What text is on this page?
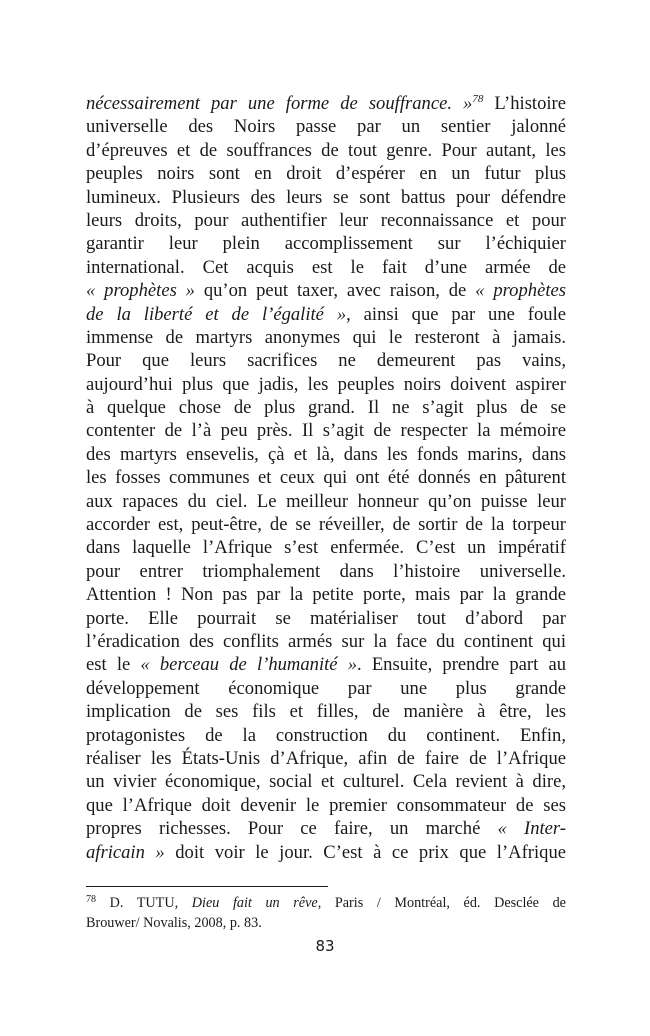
nécessairement par une forme de souffrance. »$^{78}$ L’histoire
universelle des Noirs passe par un sentier jalonné
d’épreuves et de souffrances de tout genre. Pour autant, les
peuples noirs sont en droit d’espérer en un futur plus
lumineux. Plusieurs des leurs se sont battus pour défendre
leurs droits, pour authentifier leur reconnaissance et pour
garantir leur plein accomplissement sur l’échiquier
international. Cet acquis est le fait d’une armée de
« prophètes » qu’on peut taxer, avec raison, de « prophètes
de la liberté et de l’égalité », ainsi que par une foule
immense de martyrs anonymes qui le resteront à jamais.
Pour que leurs sacrifices ne demeurent pas vains,
aujourd’hui plus que jadis, les peuples noirs doivent aspirer
à quelque chose de plus grand. Il ne s’agit plus de se
contenter de l’à peu près. Il s’agit de respecter la mémoire
des martyrs ensevelis, çà et là, dans les fonds marins, dans
les fosses communes et ceux qui ont été donnés en pâturent
aux rapaces du ciel. Le meilleur honneur qu’on puisse leur
accorder est, peut-être, de se réveiller, de sortir de la torpeur
dans laquelle l’Afrique s’est enfermée. C’est un impératif
pour entrer triomphalement dans l’histoire universelle.
Attention ! Non pas par la petite porte, mais par la grande
porte. Elle pourrait se matérialiser tout d’abord par
l’éradication des conflits armés sur la face du continent qui
est le « berceau de l’humanité ». Ensuite, prendre part au
développement économique par une plus grande
implication de ses fils et filles, de manière à être, les
protagonistes de la construction du continent. Enfin,
réaliser les États-Unis d’Afrique, afin de faire de l’Afrique
un vivier économique, social et culturel. Cela revient à dire,
que l’Afrique doit devenir le premier consommateur de ses
propres richesses. Pour ce faire, un marché « Inter-
africain » doit voir le jour. C’est à ce prix que l’Afrique
$^{78}$ D. TUTU, Dieu fait un rêve, Paris / Montréal, éd. Desclée de
Brouwer/ Novalis, 2008, p. 83.
83
